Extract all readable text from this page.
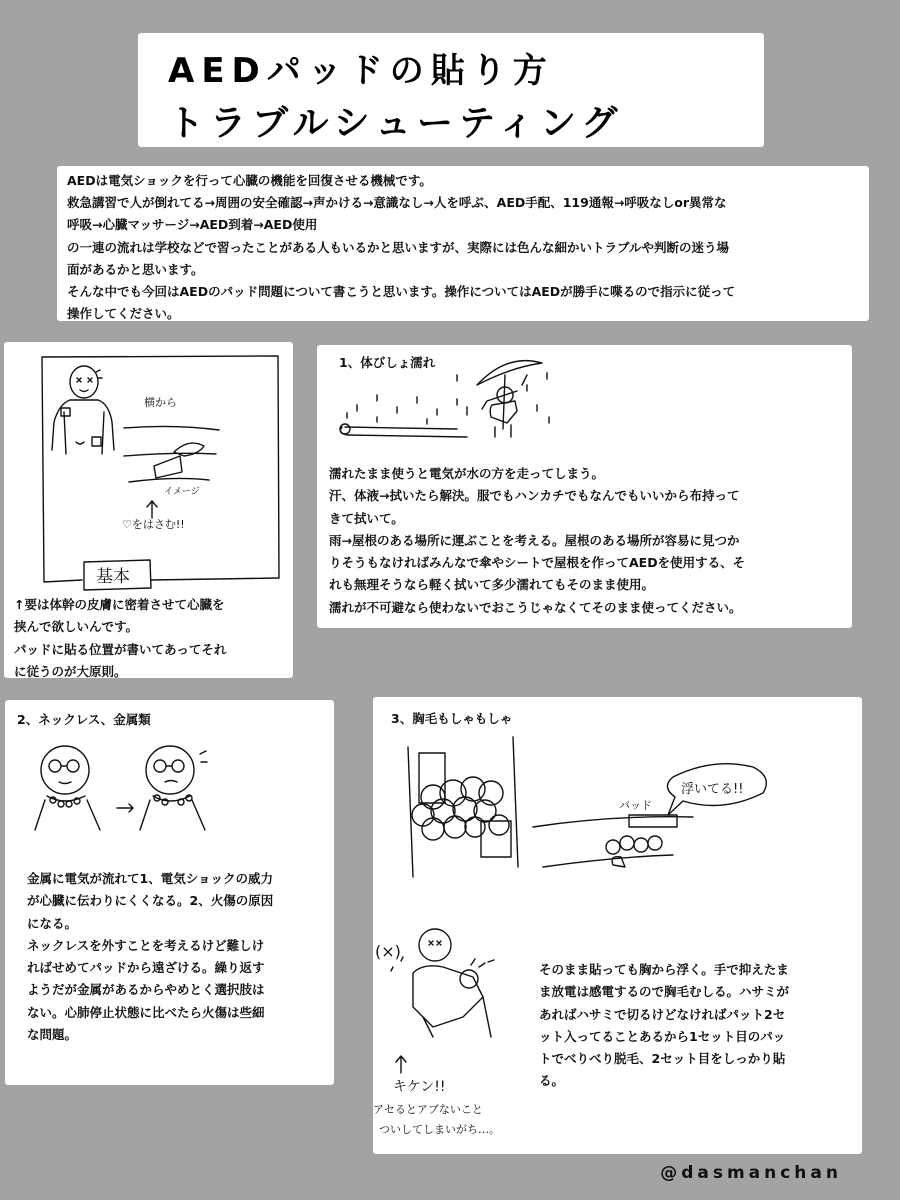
AEDパッドの貼り方
トラブルシューティング
AEDは電気ショックを行って心臓の機能を回復させる機械です。
救急講習で人が倒れてる→周囲の安全確認→声かける→意識なし→人を呼ぶ、AED手配、119通報→呼吸なしor異常な
呼吸→心臓マッサージ→AED到着→AED使用
の一連の流れは学校などで習ったことがある人もいるかと思いますが、実際には色んな細かいトラブルや判断の迷う場
面があるかと思います。
そんな中でも今回はAEDのパッド問題について書こうと思います。操作についてはAEDが勝手に喋るので指示に従って
操作してください。
横から
イメージ
♡をはさむ!!
基本
↑要は体幹の皮膚に密着させて心臓を
挟んで欲しいんです。
パッドに貼る位置が書いてあってそれ
に従うのが大原則。
1、体びしょ濡れ
濡れたまま使うと電気が水の方を走ってしまう。
汗、体液→拭いたら解決。服でもハンカチでもなんでもいいから布持って
きて拭いて。
雨→屋根のある場所に運ぶことを考える。屋根のある場所が容易に見つか
りそうもなければみんなで傘やシートで屋根を作ってAEDを使用する、そ
れも無理そうなら軽く拭いて多少濡れてもそのまま使用。
濡れが不可避なら使わないでおこうじゃなくてそのまま使ってください。
2、ネックレス、金属類
金属に電気が流れて1、電気ショックの威力
が心臓に伝わりにくくなる。2、火傷の原因
になる。
ネックレスを外すことを考えるけど難しけ
ればせめてパッドから遠ざける。繰り返す
ようだが金属があるからやめとく選択肢は
ない。心肺停止状態に比べたら火傷は些細
な問題。
3、胸毛もしゃもしゃ
パッド
浮いてる!!
(×)
キケン!!
アセるとアブないこと
ついしてしまいがち…。
そのまま貼っても胸から浮く。手で抑えたま
ま放電は感電するので胸毛むしる。ハサミが
あればハサミで切るけどなければパット2セ
ット入ってることあるから1セット目のパッ
トでべりべり脱毛、2セット目をしっかり貼
る。
@dasmanchan
